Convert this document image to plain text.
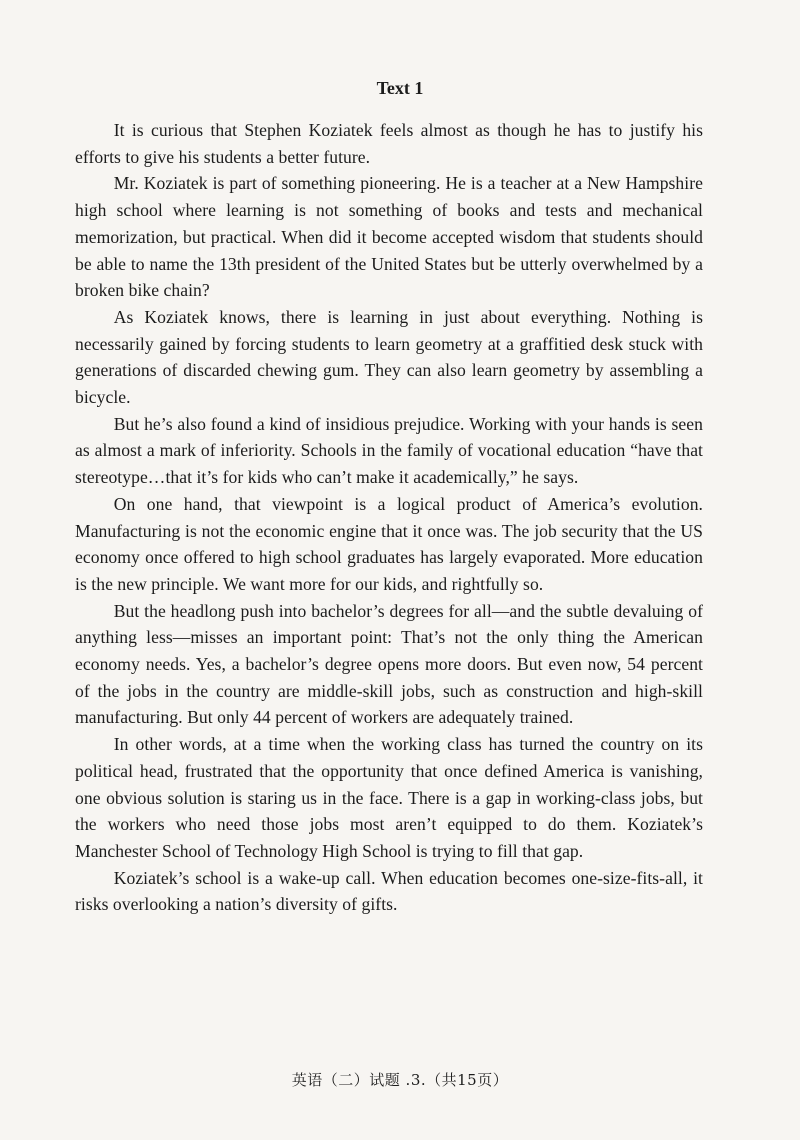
Text 1

It is curious that Stephen Koziatek feels almost as though he has to justify his efforts to give his students a better future.

Mr. Koziatek is part of something pioneering. He is a teacher at a New Hampshire high school where learning is not something of books and tests and mechanical memorization, but practical. When did it become accepted wisdom that students should be able to name the 13th president of the United States but be utterly overwhelmed by a broken bike chain?

As Koziatek knows, there is learning in just about everything. Nothing is necessarily gained by forcing students to learn geometry at a graffitied desk stuck with generations of discarded chewing gum. They can also learn geometry by assembling a bicycle.

But he’s also found a kind of insidious prejudice. Working with your hands is seen as almost a mark of inferiority. Schools in the family of vocational education “have that stereotype…that it’s for kids who can’t make it academically,” he says.

On one hand, that viewpoint is a logical product of America’s evolution. Manufacturing is not the economic engine that it once was. The job security that the US economy once offered to high school graduates has largely evaporated. More education is the new principle. We want more for our kids, and rightfully so.

But the headlong push into bachelor’s degrees for all—and the subtle devaluing of anything less—misses an important point: That’s not the only thing the American economy needs. Yes, a bachelor’s degree opens more doors. But even now, 54 percent of the jobs in the country are middle-skill jobs, such as construction and high-skill manufacturing. But only 44 percent of workers are adequately trained.

In other words, at a time when the working class has turned the country on its political head, frustrated that the opportunity that once defined America is vanishing, one obvious solution is staring us in the face. There is a gap in working-class jobs, but the workers who need those jobs most aren’t equipped to do them. Koziatek’s Manchester School of Technology High School is trying to fill that gap.

Koziatek’s school is a wake-up call. When education becomes one-size-fits-all, it risks overlooking a nation’s diversity of gifts.

英语（二）试题 .3.（共15页）
